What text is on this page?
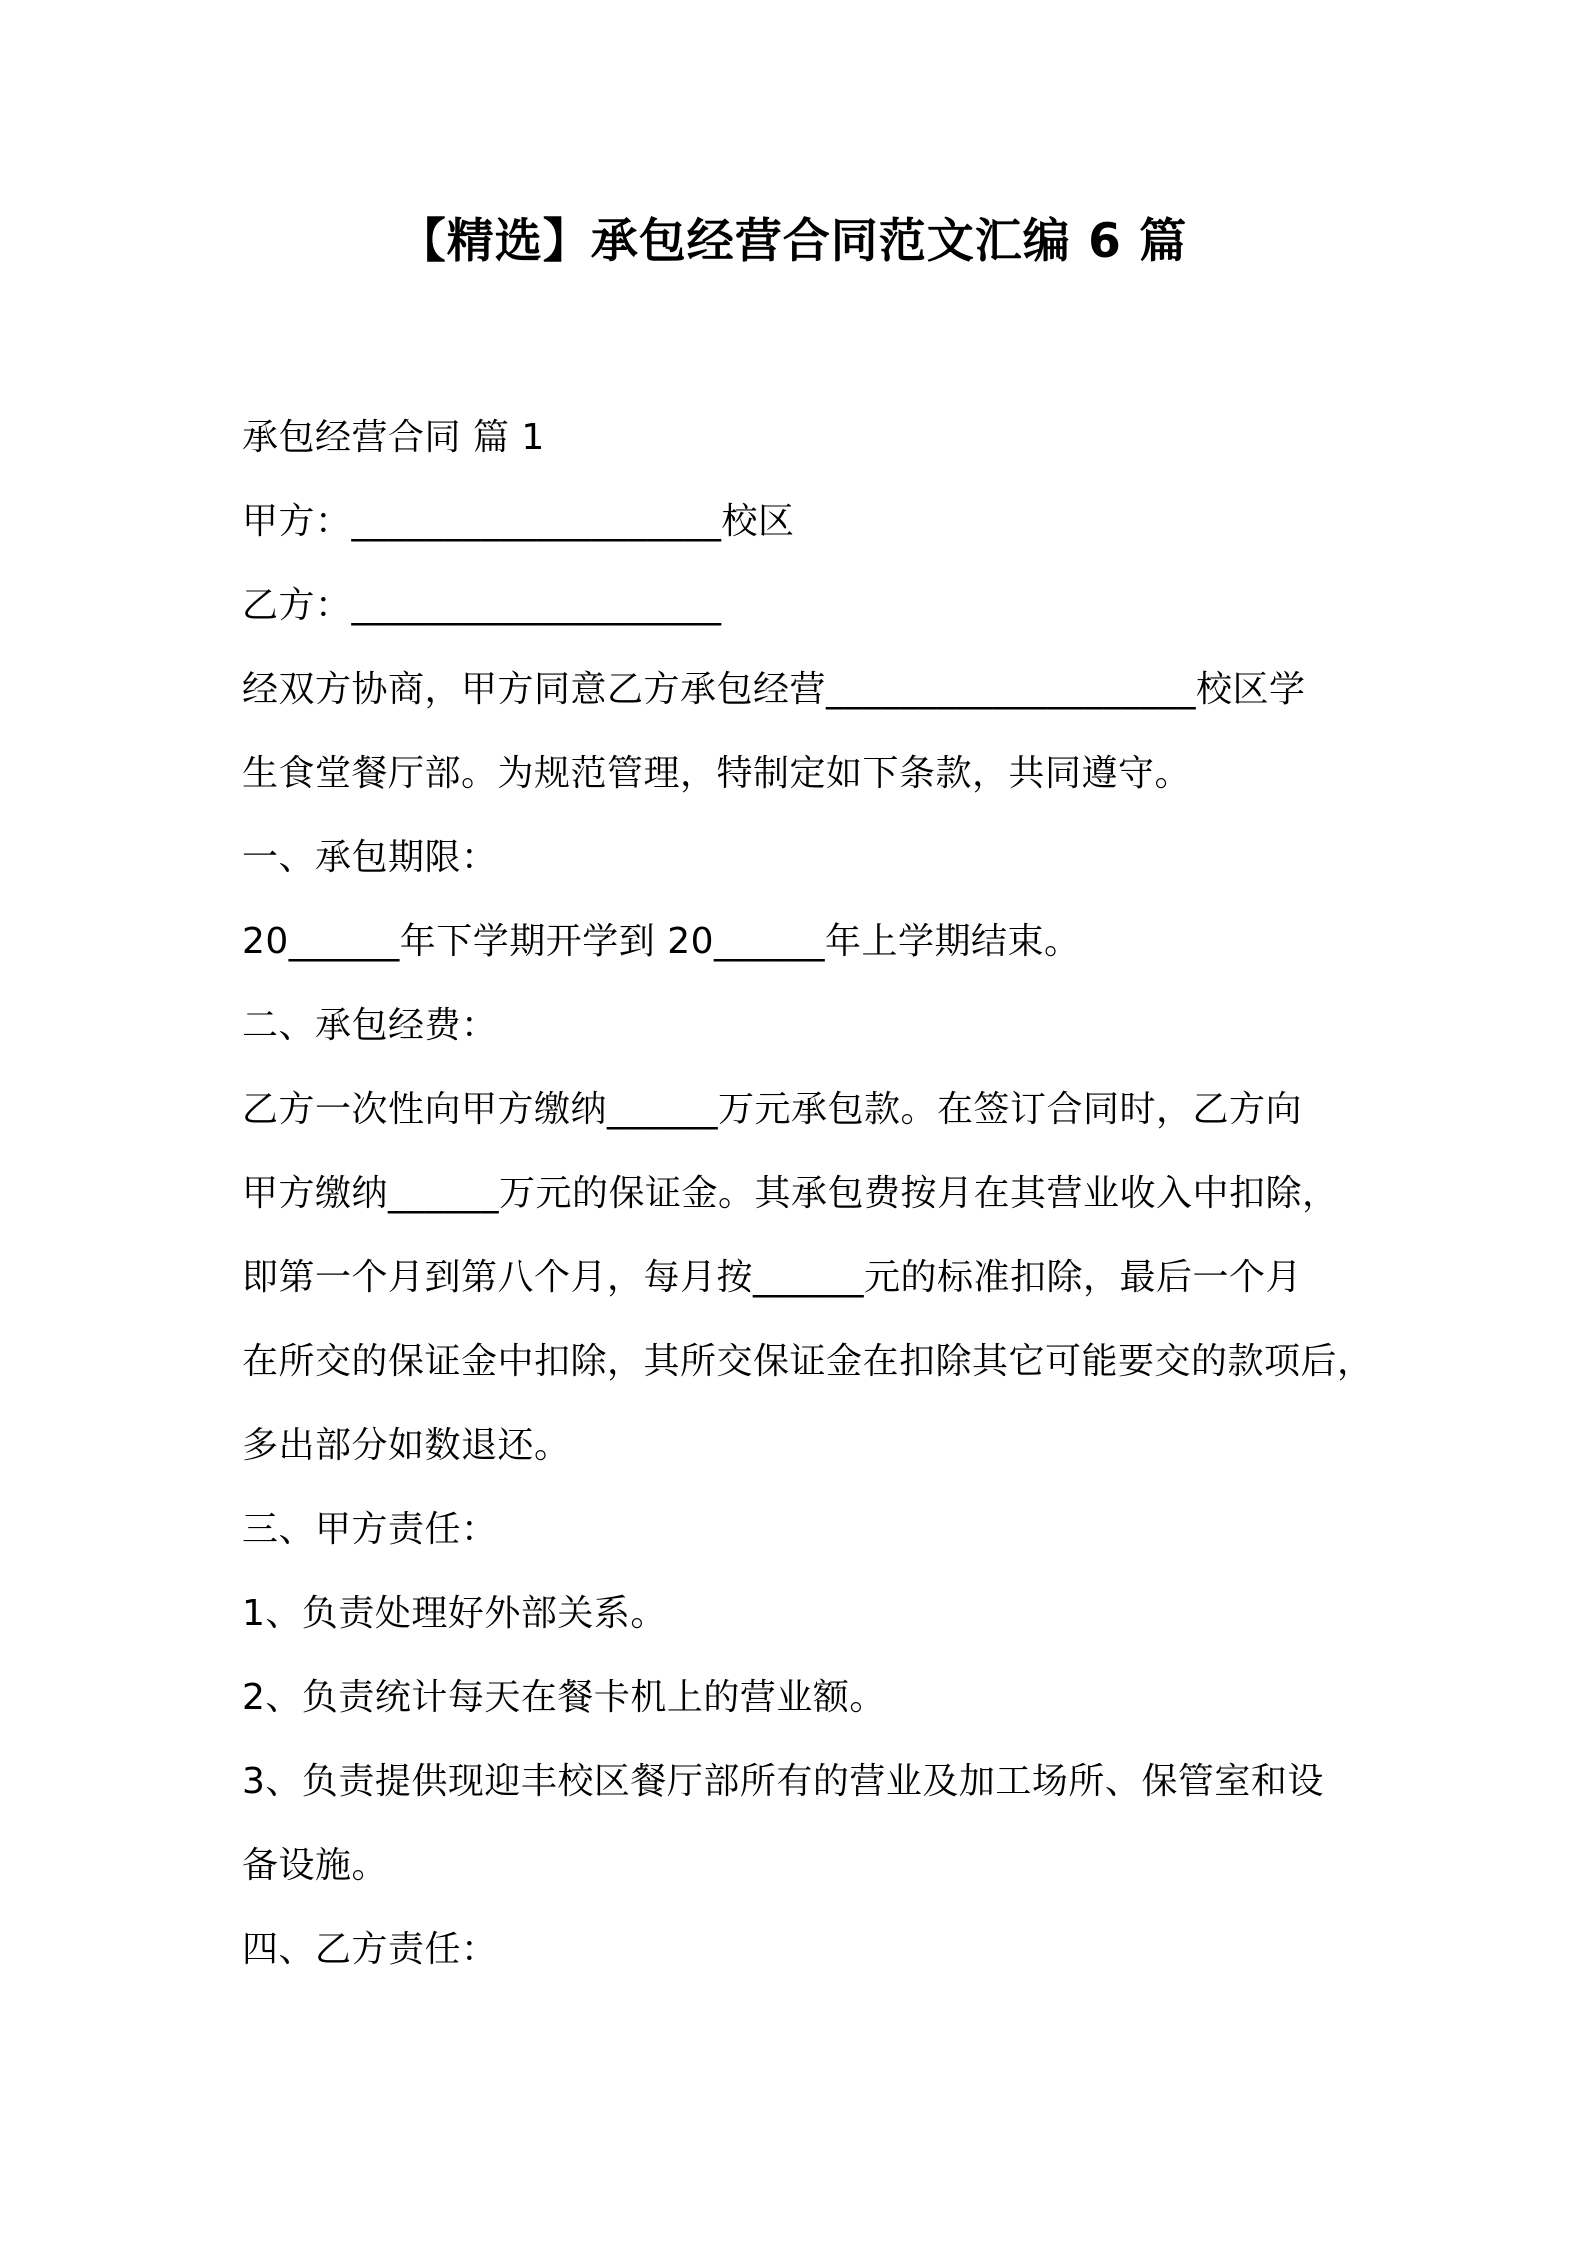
【精选】承包经营合同范文汇编 6 篇
承包经营合同 篇 1
甲方：____________________校区
乙方：____________________
经双方协商，甲方同意乙方承包经营____________________校区学
生食堂餐厅部。为规范管理，特制定如下条款，共同遵守。
一、承包期限：
20______年下学期开学到 20______年上学期结束。
二、承包经费：
乙方一次性向甲方缴纳______万元承包款。在签订合同时，乙方向
甲方缴纳______万元的保证金。其承包费按月在其营业收入中扣除，
即第一个月到第八个月，每月按______元的标准扣除，最后一个月
在所交的保证金中扣除，其所交保证金在扣除其它可能要交的款项后，
多出部分如数退还。
三、甲方责任：
1、负责处理好外部关系。
2、负责统计每天在餐卡机上的营业额。
3、负责提供现迎丰校区餐厅部所有的营业及加工场所、保管室和设
备设施。
四、乙方责任：
